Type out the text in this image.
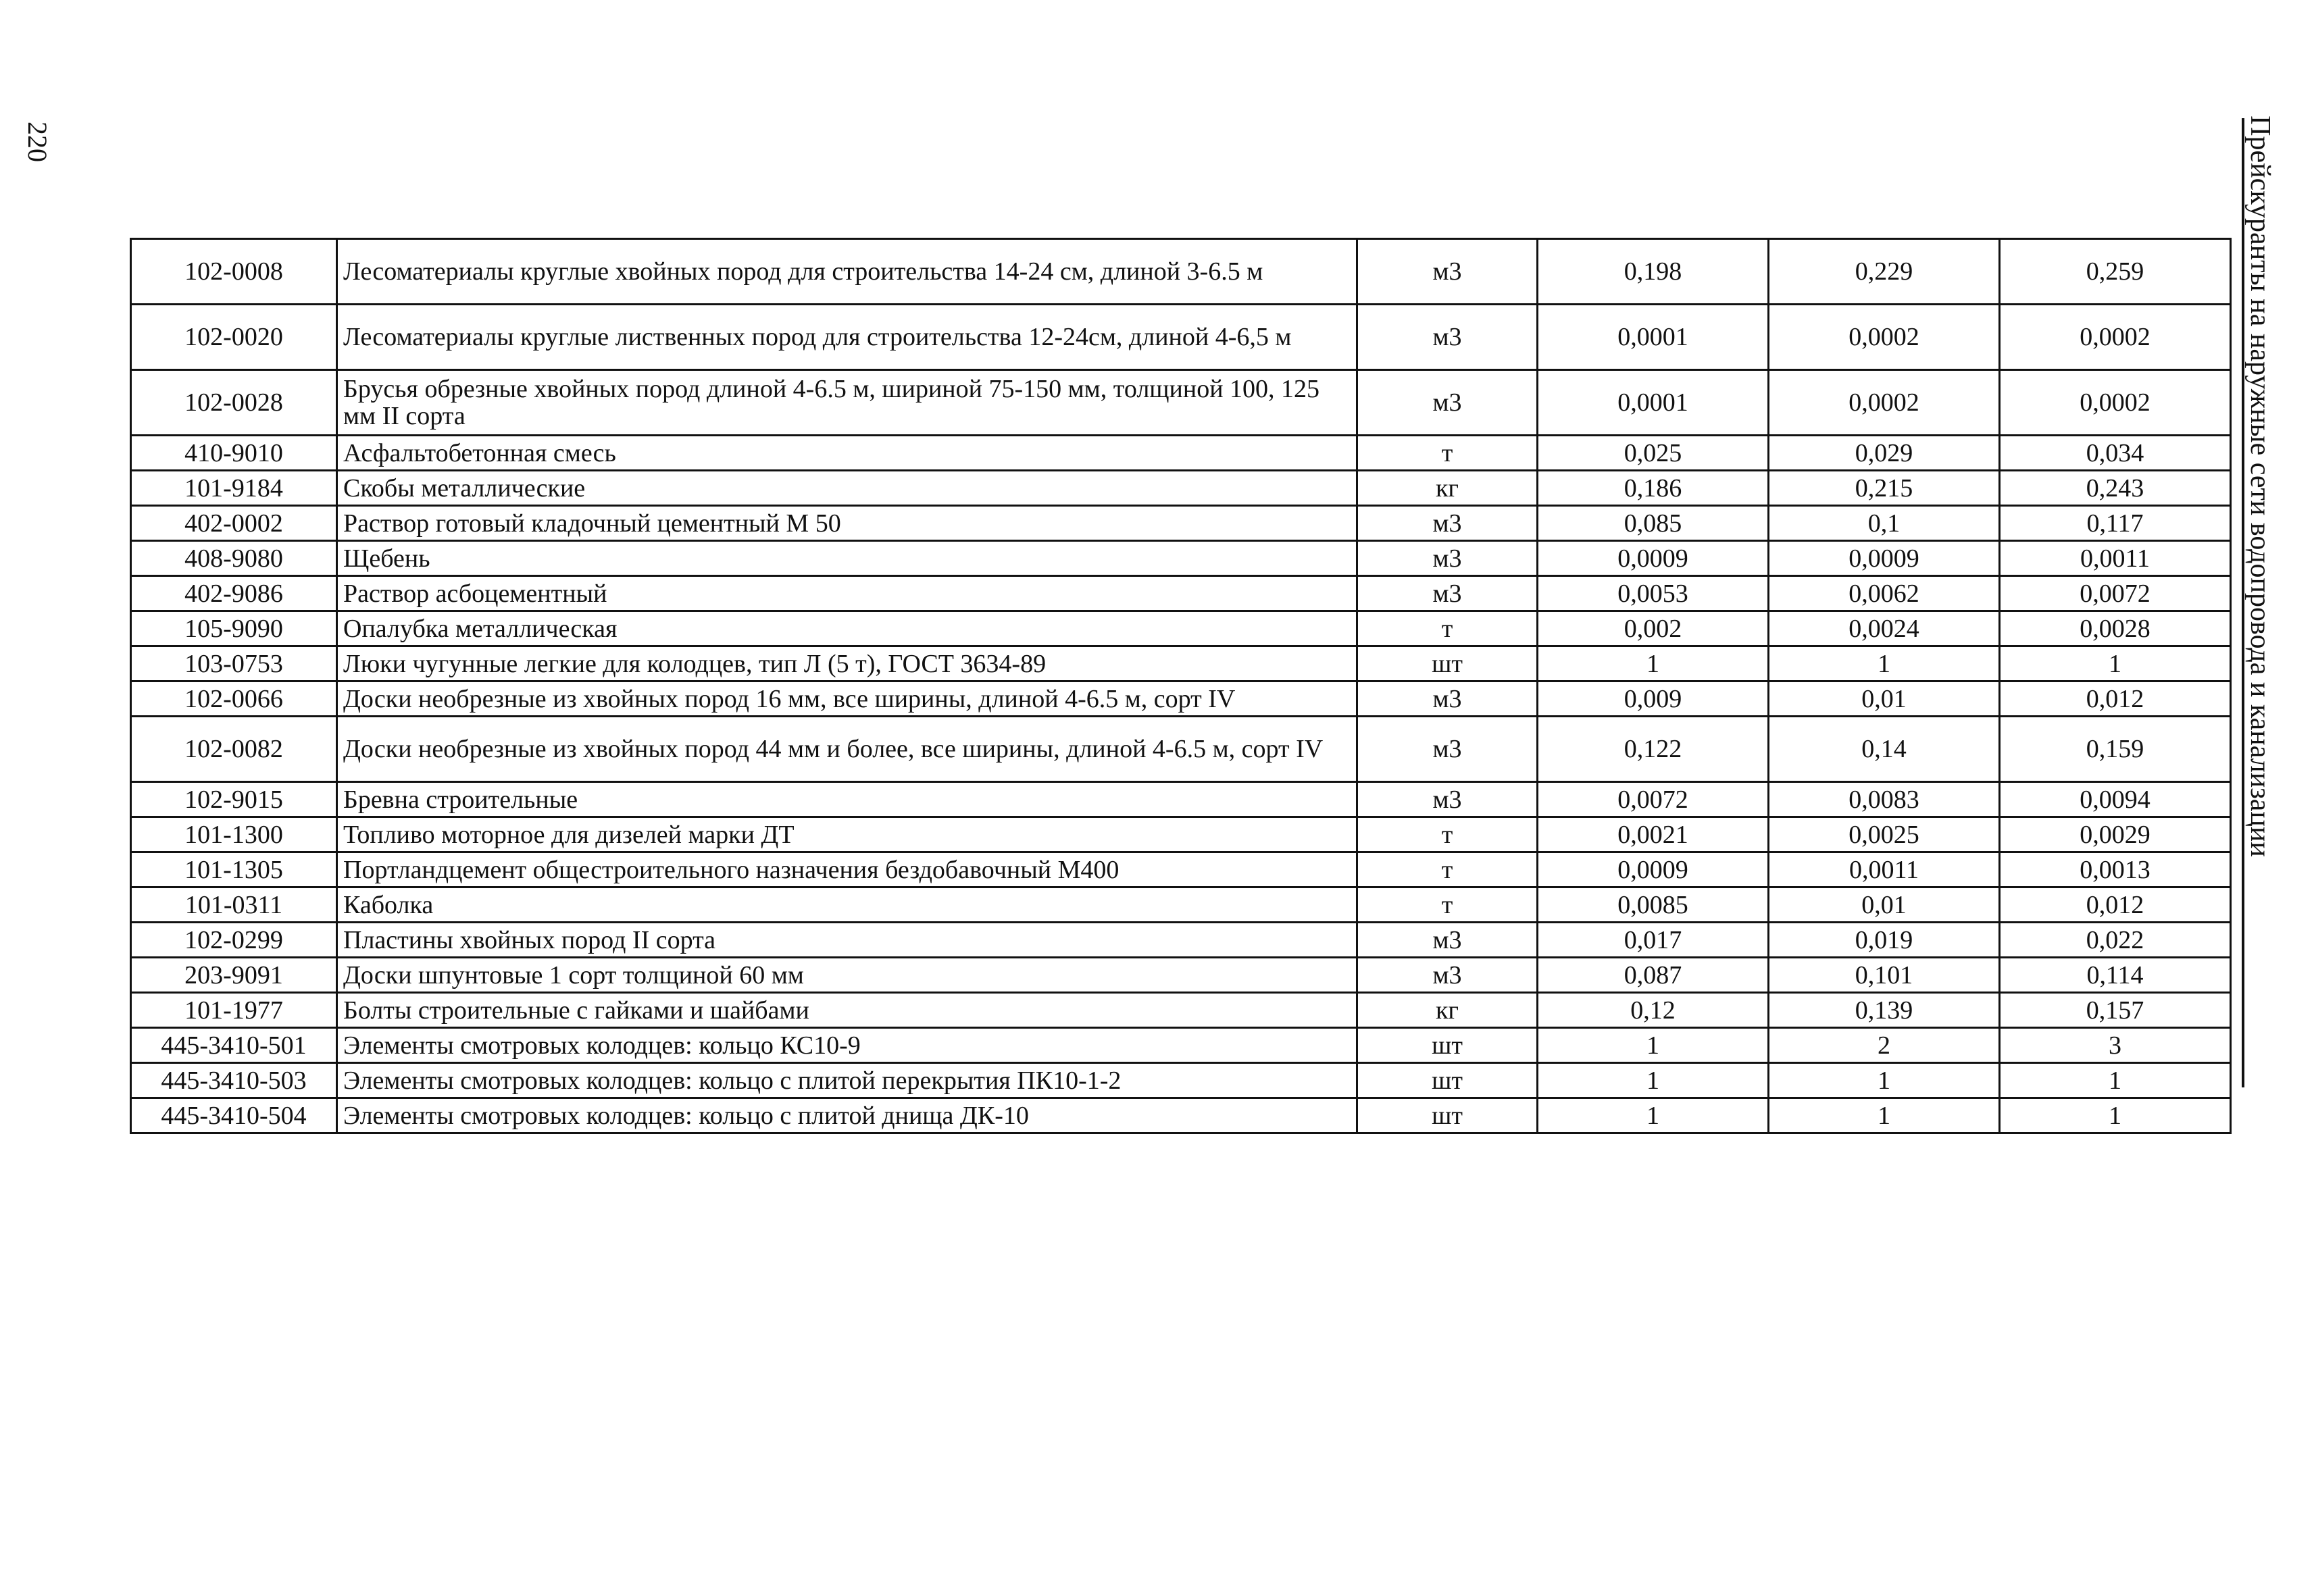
220	Прейскуранты на наружные сети водопровода и канализации
102-0008	Лесоматериалы круглые хвойных пород для строительства 14-24 см, длиной 3-6.5 м	м3	0,198	0,229	0,259
102-0020	Лесоматериалы круглые лиственных пород для строительства 12-24см, длиной 4-6,5 м	м3	0,0001	0,0002	0,0002
102-0028	Брусья обрезные хвойных пород длиной 4-6.5 м, шириной 75-150 мм, толщиной 100, 125 мм II сорта	м3	0,0001	0,0002	0,0002
410-9010	Асфальтобетонная смесь	т	0,025	0,029	0,034
101-9184	Скобы металлические	кг	0,186	0,215	0,243
402-0002	Раствор готовый кладочный цементный М 50	м3	0,085	0,1	0,117
408-9080	Щебень	м3	0,0009	0,0009	0,0011
402-9086	Раствор асбоцементный	м3	0,0053	0,0062	0,0072
105-9090	Опалубка металлическая	т	0,002	0,0024	0,0028
103-0753	Люки чугунные легкие для колодцев, тип Л (5 т), ГОСТ 3634-89	шт	1	1	1
102-0066	Доски необрезные из хвойных пород 16 мм, все ширины, длиной 4-6.5 м, сорт IV	м3	0,009	0,01	0,012
102-0082	Доски необрезные из хвойных пород 44 мм и более, все ширины, длиной 4-6.5 м, сорт IV	м3	0,122	0,14	0,159
102-9015	Бревна строительные	м3	0,0072	0,0083	0,0094
101-1300	Топливо моторное для дизелей марки ДТ	т	0,0021	0,0025	0,0029
101-1305	Портландцемент общестроительного назначения бездобавочный М400	т	0,0009	0,0011	0,0013
101-0311	Каболка	т	0,0085	0,01	0,012
102-0299	Пластины хвойных пород II сорта	м3	0,017	0,019	0,022
203-9091	Доски шпунтовые 1 сорт толщиной 60 мм	м3	0,087	0,101	0,114
101-1977	Болты строительные с гайками и шайбами	кг	0,12	0,139	0,157
445-3410-501	Элементы смотровых колодцев: кольцо КС10-9	шт	1	2	3
445-3410-503	Элементы смотровых колодцев: кольцо с плитой перекрытия ПК10-1-2	шт	1	1	1
445-3410-504	Элементы смотровых колодцев: кольцо с плитой днища ДК-10	шт	1	1	1
